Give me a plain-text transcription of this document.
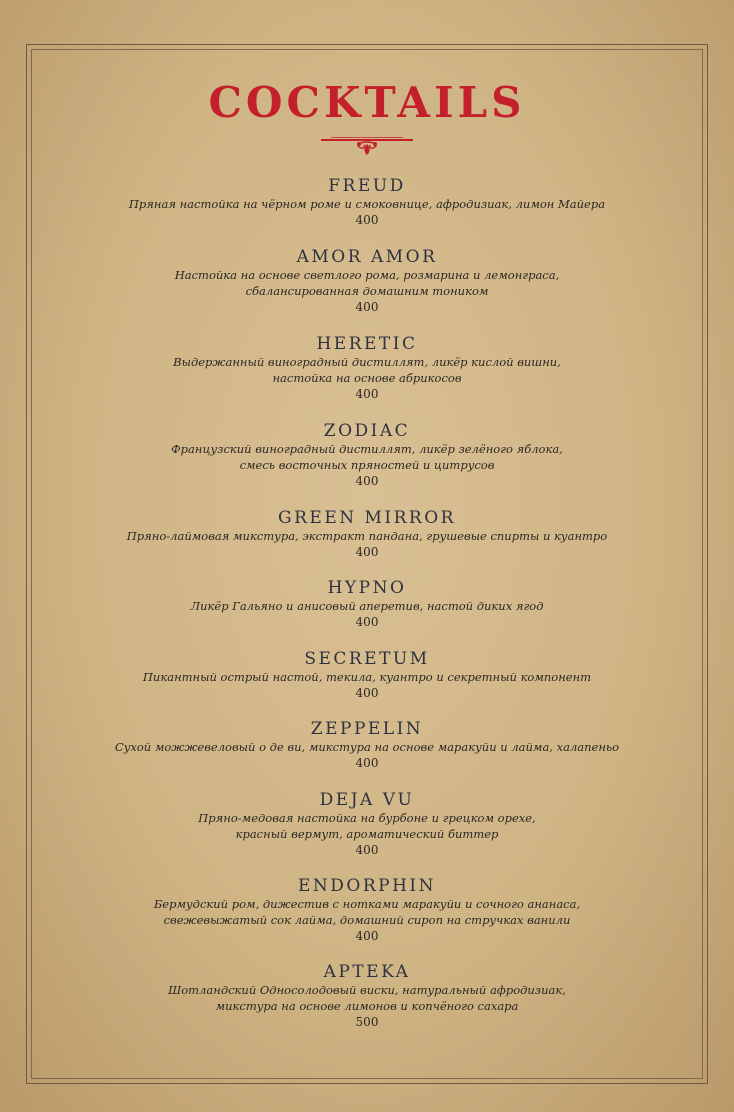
COCKTAILS
FREUD
Пряная настойка на чёрном роме и смоковнице, афродизиак, лимон Майера
400
AMOR AMOR
Настойка на основе светлого рома, розмарина и лемонграса,
сбалансированная домашним тоником
400
HERETIC
Выдержанный виноградный дистиллят, ликёр кислой вишни,
настойка на основе абрикосов
400
ZODIAC
Французский виноградный дистиллят, ликёр зелёного яблока,
смесь восточных пряностей и цитрусов
400
GREEN MIRROR
Пряно-лаймовая микстура, экстракт пандана, грушевые спирты и куантро
400
HYPNO
Ликёр Гальяно и анисовый аперетив, настой диких ягод
400
SECRETUM
Пикантный острый настой, текила, куантро и секретный компонент
400
ZEPPELIN
Сухой можжевеловый о де ви, микстура на основе маракуйи и лайма, халапеньо
400
DEJA VU
Пряно-медовая настойка на бурбоне и грецком орехе,
красный вермут, ароматический биттер
400
ENDORPHIN
Бермудский ром, дижестив с нотками маракуйи и сочного ананаса,
свежевыжатый сок лайма, домашний сироп на стручках ванили
400
APTEKA
Шотландский Односолодовый виски, натуральный афродизиак,
микстура на основе лимонов и копчёного сахара
500
